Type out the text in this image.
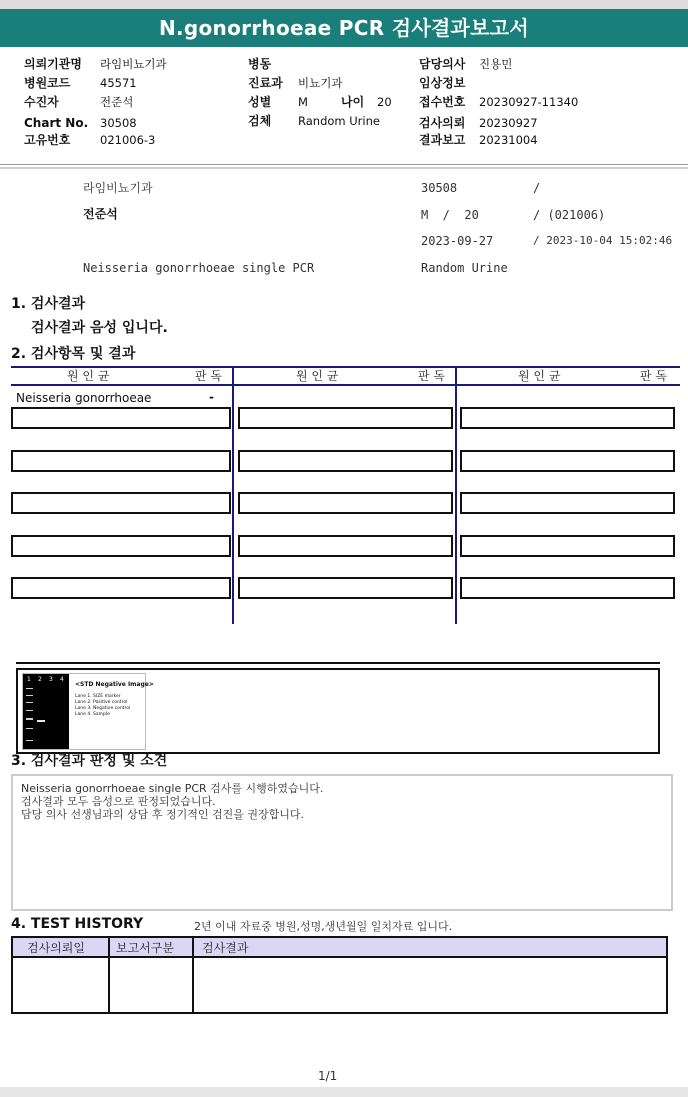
N.gonorrhoeae PCR 검사결과보고서
의뢰기관명 라임비뇨기과
병원코드	45571
수진자	전준석
Chart No. 30508
고유번호	021006-3
병동
진료과 비뇨기과
성별 M	나이 20
검체 Random Urine
담당의사 진용민
임상정보
접수번호 20230927-11340
검사의뢰 20230927
결과보고 20231004
라임비뇨기과	30508	/
전준석	M  /  20	/ (021006)
2023-09-27	/ 2023-10-04 15:02:46
Neisseria gonorrhoeae single PCR	Random Urine
1. 검사결과
검사결과 음성 입니다.
2. 검사항목 및 결과
원 인 균	판 독	원 인 균	판 독	원 인 균	판 독
Neisseria gonorrhoeae	-
1 2 3 4
<STD Negative Image>
Lane 1. SIZE marker
Lane 2. Positive control
Lane 3. Negative control
Lane 4. Sample
3. 검사결과 판정 및 소견
Neisseria gonorrhoeae single PCR 검사를 시행하였습니다.
검사결과 모두 음성으로 판정되었습니다.
담당 의사 선생님과의 상담 후 정기적인 검진을 권장합니다.
4. TEST HISTORY	2년 이내 자료중 병원,성명,생년월일 일치자료 입니다.
검사의뢰일	보고서구분	검사결과
1/1
